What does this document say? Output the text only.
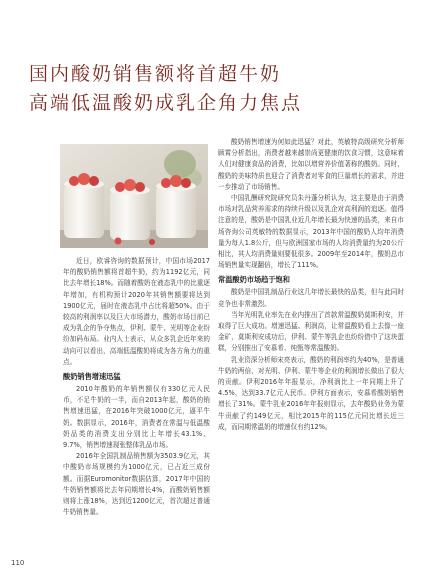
国内酸奶销售额将首超牛奶
高端低温酸奶成乳企角力焦点

近日，欧睿咨询的数据预计，中国市场2017年的酸奶销售额将首超牛奶，约为1192亿元，同比去年增长18%。而随着酸奶在液态乳中的比重逐年增加，有机构预计2020年其销售额要将达到1900亿元，届时在液态乳中占比将超50%。由于较高的利润率以及巨大市场潜力，酸奶市场目前已成为乳企的争夺焦点，伊利、蒙牛、光明等企业纷纷加码布局。业内人士表示，从众多乳企近年来的动向可以看出，高端低温酸奶将成为各方角力的重点。

酸奶销售增速迅猛

2010年酸奶的年销售额仅有330亿元人民币，不足牛奶的一半，而自2013年起，酸奶的销售增速迅猛，在2016年突破1000亿元，逼平牛奶。数据显示，2016年，消费者在常温与低温酸奶品类的消费支出分别比上年增长43.1%、9.7%，销售增速现张整体乳品市场。

2016年全国乳制品销售额为3503.9亿元，其中酸奶市场规模约为1000亿元，已占近三成份额。而据Euromonitor数据估算，2017年中国的牛奶销售额将比去年同期增长4%，而酸奶销售额则将上涨18%，达到近1200亿元，首次超过普通牛奶销售量。

酸奶销售增速为何如此迅猛？对此，英敏特高级研究分析师顾霄分析指出，消费者越来越崇尚更健康的饮食习惯，这意味着人们对健康食品的消费，比如以增营养价值著称的酸奶。同时，酸奶的美味特质也迎合了消费者对零食的巨量增长的需求，并进一步推动了市场销售。

中国乳酬研究院研究员朱丹蓬分析认为，这主要是由于消费市场对乳品营养需求的持续升级以及乳企对高利润的追逐。值得注意的是，酸奶是中国乳业近几年增长最为快速的品类，来自市场咨询公司英敏特的数据显示，2013年中国的酸奶人均年消费量为每人1.8公斤，但与欧洲国家市场的人均消费量约为20公斤相比，其人均消费量则要低很多。2009年至2014年，酸奶总市场销售量实现翻倍，增长了111%。

常温酸奶市场趋于饱和

酸奶是中国乳制品行业这几年增长最快的品类，但与此同时竞争也非常激烈。

当年光明乳业率先在业内推出了首款常温酸奶莫斯利安，并取得了巨大成功。增速迅猛、利润高，让常温酸奶看上去像一座金矿，莫斯利安成功后，伊利、蒙牛等乳企也纷纷借中了这块蛋糕，分别推出了安慕希、纯甄等常温酸奶。

乳业资深分析师宋亮表示，酸奶的利润率约为40%，是普通牛奶的两倍，对光明、伊利、蒙牛等企业的利润增长做出了很大的贡献。伊利2016年年报显示，净利润比上一年同期上升了4.5%，达到33.7亿元人民币。伊利方面表示，安慕希酸奶销售增长了31%。蒙牛乳业2016年年报则显示，去年酸奶业务为蒙牛贡献了约149亿元，相比2015年的115亿元同比增长近三成，而同期常温奶的增速仅有约12%。

110
